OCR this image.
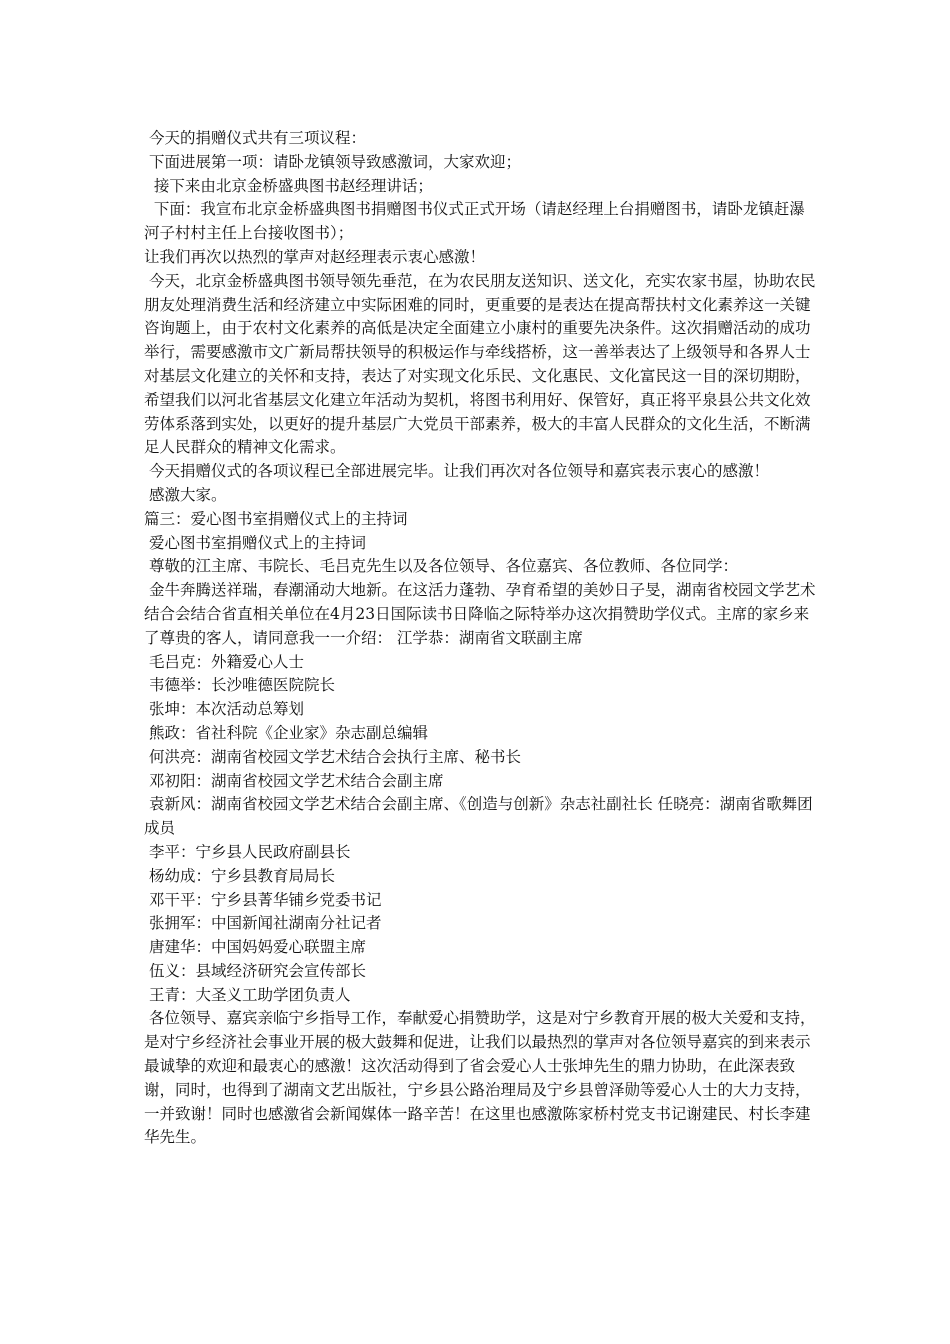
今天的捐赠仪式共有三项议程：

下面进展第一项：请卧龙镇领导致感激词，大家欢迎；

接下来由北京金桥盛典图书赵经理讲话；

下面：我宣布北京金桥盛典图书捐赠图书仪式正式开场（请赵经理上台捐赠图书，请卧龙镇赶瀑河子村村主任上台接收图书）；

让我们再次以热烈的掌声对赵经理表示衷心感激！

今天，北京金桥盛典图书领导领先垂范，在为农民朋友送知识、送文化，充实农家书屋，协助农民朋友处理消费生活和经济建立中实际困难的同时，更重要的是表达在提高帮扶村文化素养这一关键咨询题上，由于农村文化素养的高低是决定全面建立小康村的重要先决条件。这次捐赠活动的成功举行，需要感激市文广新局帮扶领导的积极运作与牵线搭桥，这一善举表达了上级领导和各界人士对基层文化建立的关怀和支持，表达了对实现文化乐民、文化惠民、文化富民这一目的深切期盼，希望我们以河北省基层文化建立年活动为契机，将图书利用好、保管好，真正将平泉县公共文化效劳体系落到实处，以更好的提升基层广大党员干部素养，极大的丰富人民群众的文化生活，不断满足人民群众的精神文化需求。

今天捐赠仪式的各项议程已全部进展完毕。让我们再次对各位领导和嘉宾表示衷心的感激！

感激大家。

篇三：爱心图书室捐赠仪式上的主持词

爱心图书室捐赠仪式上的主持词

尊敬的江主席、韦院长、毛吕克先生以及各位领导、各位嘉宾、各位教师、各位同学：

金牛奔腾送祥瑞，春潮涌动大地新。在这活力蓬勃、孕育希望的美妙日子旻，湖南省校园文学艺术结合会结合省直相关单位在4月23日国际读书日降临之际特举办这次捐赞助学仪式。主席的家乡来了尊贵的客人，请同意我一一介绍： 江学恭：湖南省文联副主席

毛吕克：外籍爱心人士

韦德举：长沙唯德医院院长

张坤：本次活动总筹划

熊政：省社科院《企业家》杂志副总编辑

何洪亮：湖南省校园文学艺术结合会执行主席、秘书长

邓初阳：湖南省校园文学艺术结合会副主席

袁新风：湖南省校园文学艺术结合会副主席、《创造与创新》杂志社副社长 任晓亮：湖南省歌舞团成员

李平：宁乡县人民政府副县长

杨幼成：宁乡县教育局局长

邓干平：宁乡县菁华铺乡党委书记

张拥军：中国新闻社湖南分社记者

唐建华：中国妈妈爱心联盟主席

伍义：县域经济研究会宣传部长

王青：大圣义工助学团负责人

各位领导、嘉宾亲临宁乡指导工作，奉献爱心捐赞助学，这是对宁乡教育开展的极大关爱和支持，是对宁乡经济社会事业开展的极大鼓舞和促进，让我们以最热烈的掌声对各位领导嘉宾的到来表示最诚挚的欢迎和最衷心的感激！这次活动得到了省会爱心人士张坤先生的鼎力协助，在此深表致谢，同时，也得到了湖南文艺出版社，宁乡县公路治理局及宁乡县曾泽勋等爱心人士的大力支持，一并致谢！同时也感激省会新闻媒体一路辛苦！在这里也感激陈家桥村党支书记谢建民、村长李建华先生。
